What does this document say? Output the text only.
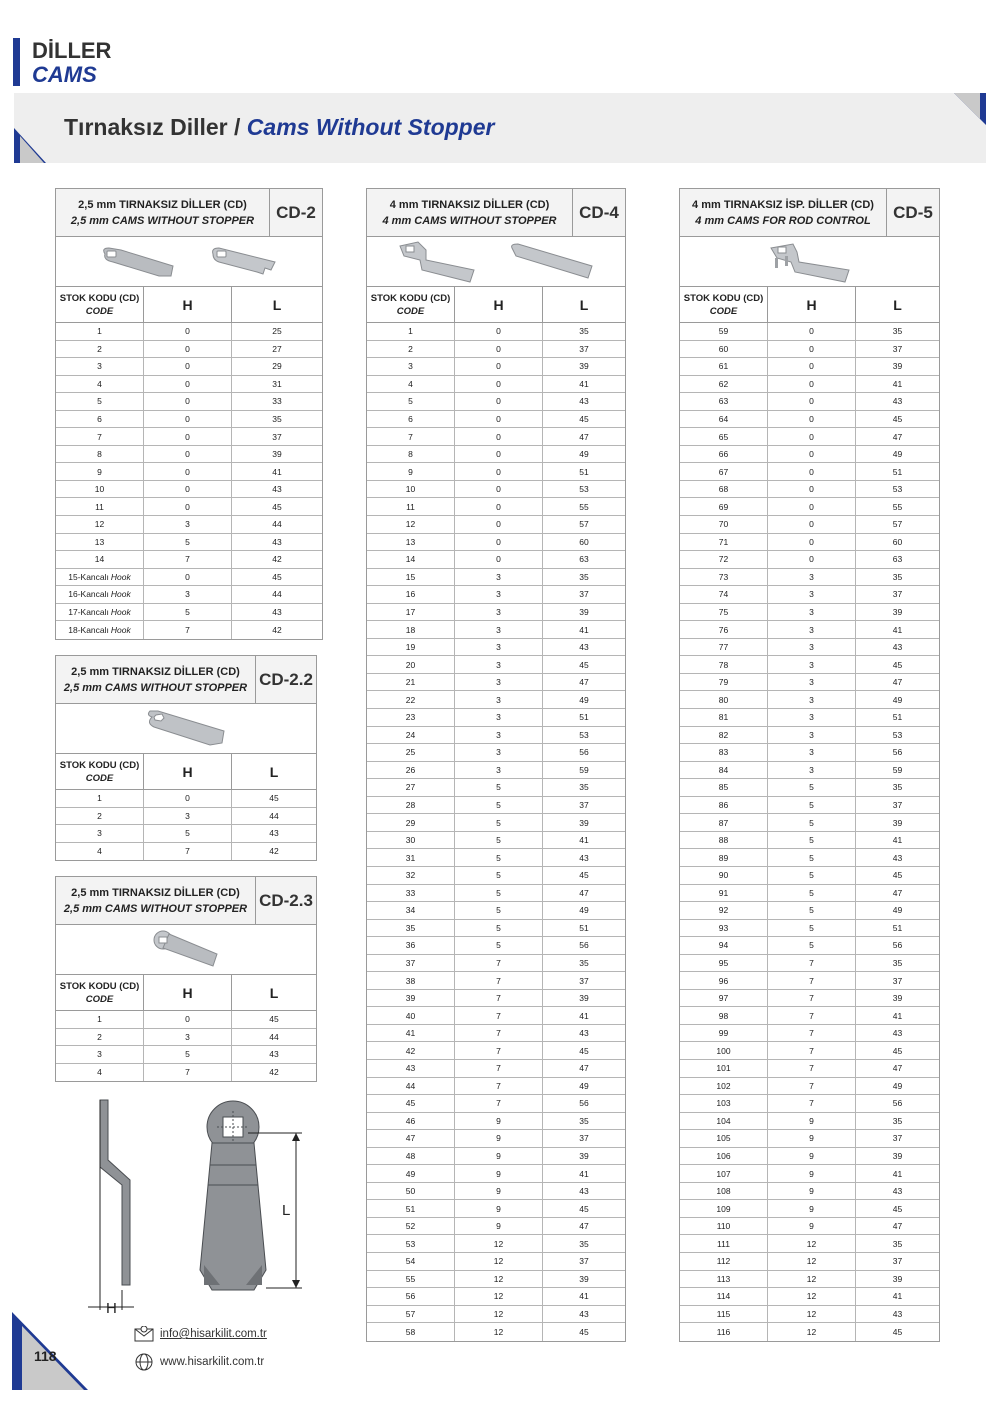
DİLLER
CAMS
Tırnaksız Diller / Cams Without Stopper
2,5 mm TIRNAKSIZ DİLLER (CD)
2,5 mm CAMS WITHOUT STOPPER	CD-2
STOK KODU (CD)
CODE	H	L
1	0	25
2	0	27
3	0	29
4	0	31
5	0	33
6	0	35
7	0	37
8	0	39
9	0	41
10	0	43
11	0	45
12	3	44
13	5	43
14	7	42
15-Kancalı Hook	0	45
16-Kancalı Hook	3	44
17-Kancalı Hook	5	43
18-Kancalı Hook	7	42
2,5 mm TIRNAKSIZ DİLLER (CD)
2,5 mm CAMS WITHOUT STOPPER CD-2.2
STOK KODU (CD)
CODE	H	L
1	0	45
2	3	44
3	5	43
4	7	42
2,5 mm TIRNAKSIZ DİLLER (CD)
2,5 mm CAMS WITHOUT STOPPER CD-2.3
STOK KODU (CD)
CODE	H	L
1	0	45
2	3	44
3	5	43
4	7	42
4 mm TIRNAKSIZ DİLLER (CD)
4 mm CAMS WITHOUT STOPPER	CD-4
STOK KODU (CD)
CODE	H	L
1	0	35
2	0	37
3	0	39
4	0	41
5	0	43
6	0	45
7	0	47
8	0	49
9	0	51
10	0	53
11	0	55
12	0	57
13	0	60
14	0	63
15	3	35
16	3	37
17	3	39
18	3	41
19	3	43
20	3	45
21	3	47
22	3	49
23	3	51
24	3	53
25	3	56
26	3	59
27	5	35
28	5	37
29	5	39
30	5	41
31	5	43
32	5	45
33	5	47
34	5	49
35	5	51
36	5	56
37	7	35
38	7	37
39	7	39
40	7	41
41	7	43
42	7	45
43	7	47
44	7	49
45	7	56
46	9	35
47	9	37
48	9	39
49	9	41
50	9	43
51	9	45
52	9	47
53	12	35
54	12	37
55	12	39
56	12	41
57	12	43
58	12	45
4 mm TIRNAKSIZ İSP. DİLLER (CD)
4 mm CAMS FOR ROD CONTROL	CD-5
STOK KODU (CD)
CODE	H	L
59	0	35
60	0	37
61	0	39
62	0	41
63	0	43
64	0	45
65	0	47
66	0	49
67	0	51
68	0	53
69	0	55
70	0	57
71	0	60
72	0	63
73	3	35
74	3	37
75	3	39
76	3	41
77	3	43
78	3	45
79	3	47
80	3	49
81	3	51
82	3	53
83	3	56
84	3	59
85	5	35
86	5	37
87	5	39
88	5	41
89	5	43
90	5	45
91	5	47
92	5	49
93	5	51
94	5	56
95	7	35
96	7	37
97	7	39
98	7	41
99	7	43
100	7	45
101	7	47
102	7	49
103	7	56
104	9	35
105	9	37
106	9	39
107	9	41
108	9	43
109	9	45
110	9	47
111	12	35
112	12	37
113	12	39
114	12	41
115	12	43
116	12	45
H
L
118
info@hisarkilit.com.tr
www.hisarkilit.com.tr
